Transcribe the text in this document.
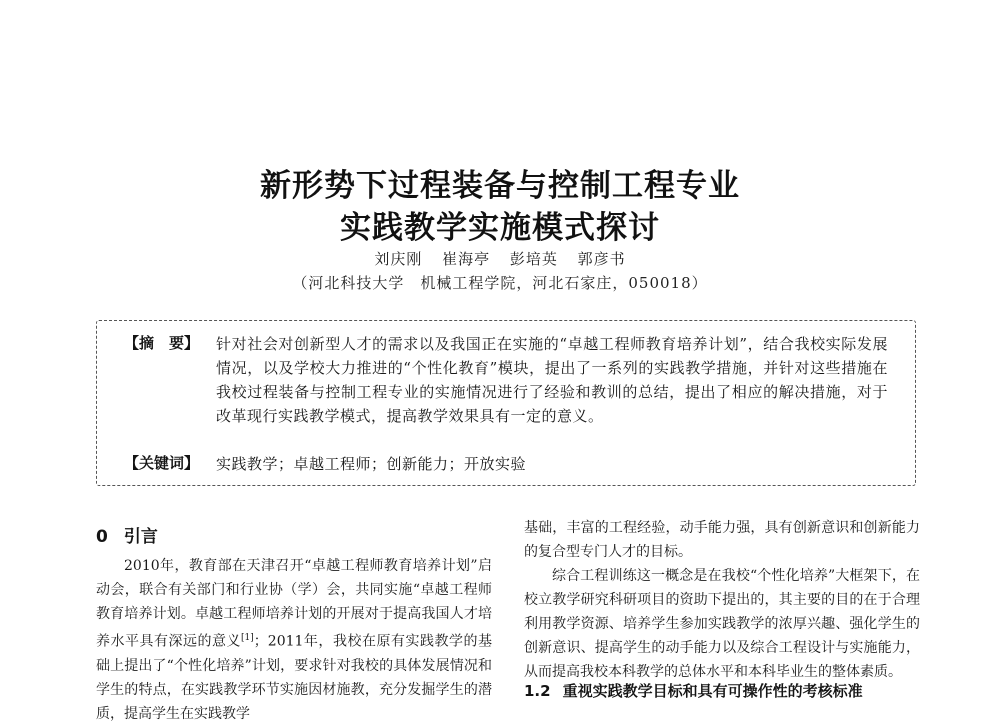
新形势下过程装备与控制工程专业
实践教学实施模式探讨
刘庆刚 崔海亭 彭培英 郭彦书
（河北科技大学　机械工程学院，河北石家庄，050018）
【摘　要】 针对社会对创新型人才的需求以及我国正在实施的“卓越工程师教育培养计划”，结合我校实际发展情况，以及学校大力推进的“个性化教育”模块，提出了一系列的实践教学措施，并针对这些措施在我校过程装备与控制工程专业的实施情况进行了经验和教训的总结，提出了相应的解决措施，对于改革现行实践教学模式，提高教学效果具有一定的意义。
【关键词】 实践教学；卓越工程师；创新能力；开放实验
0 引言
2010年，教育部在天津召开“卓越工程师教育培养计划”启动会，联合有关部门和行业协（学）会，共同实施“卓越工程师教育培养计划。卓越工程师培养计划的开展对于提高我国人才培养水平具有深远的意义[1]；2011年，我校在原有实践教学的基础上提出了“个性化培养”计划，要求针对我校的具体发展情况和学生的特点，在实践教学环节实施因材施教，充分发掘学生的潜质，提高学生在实践教学
基础，丰富的工程经验，动手能力强，具有创新意识和创新能力的复合型专门人才的目标。
综合工程训练这一概念是在我校“个性化培养”大框架下，在校立教学研究科研项目的资助下提出的，其主要的目的在于合理利用教学资源、培养学生参加实践教学的浓厚兴趣、强化学生的创新意识、提高学生的动手能力以及综合工程设计与实施能力，从而提高我校本科教学的总体水平和本科毕业生的整体素质。
1.2 重视实践教学目标和具有可操作性的考核标准
